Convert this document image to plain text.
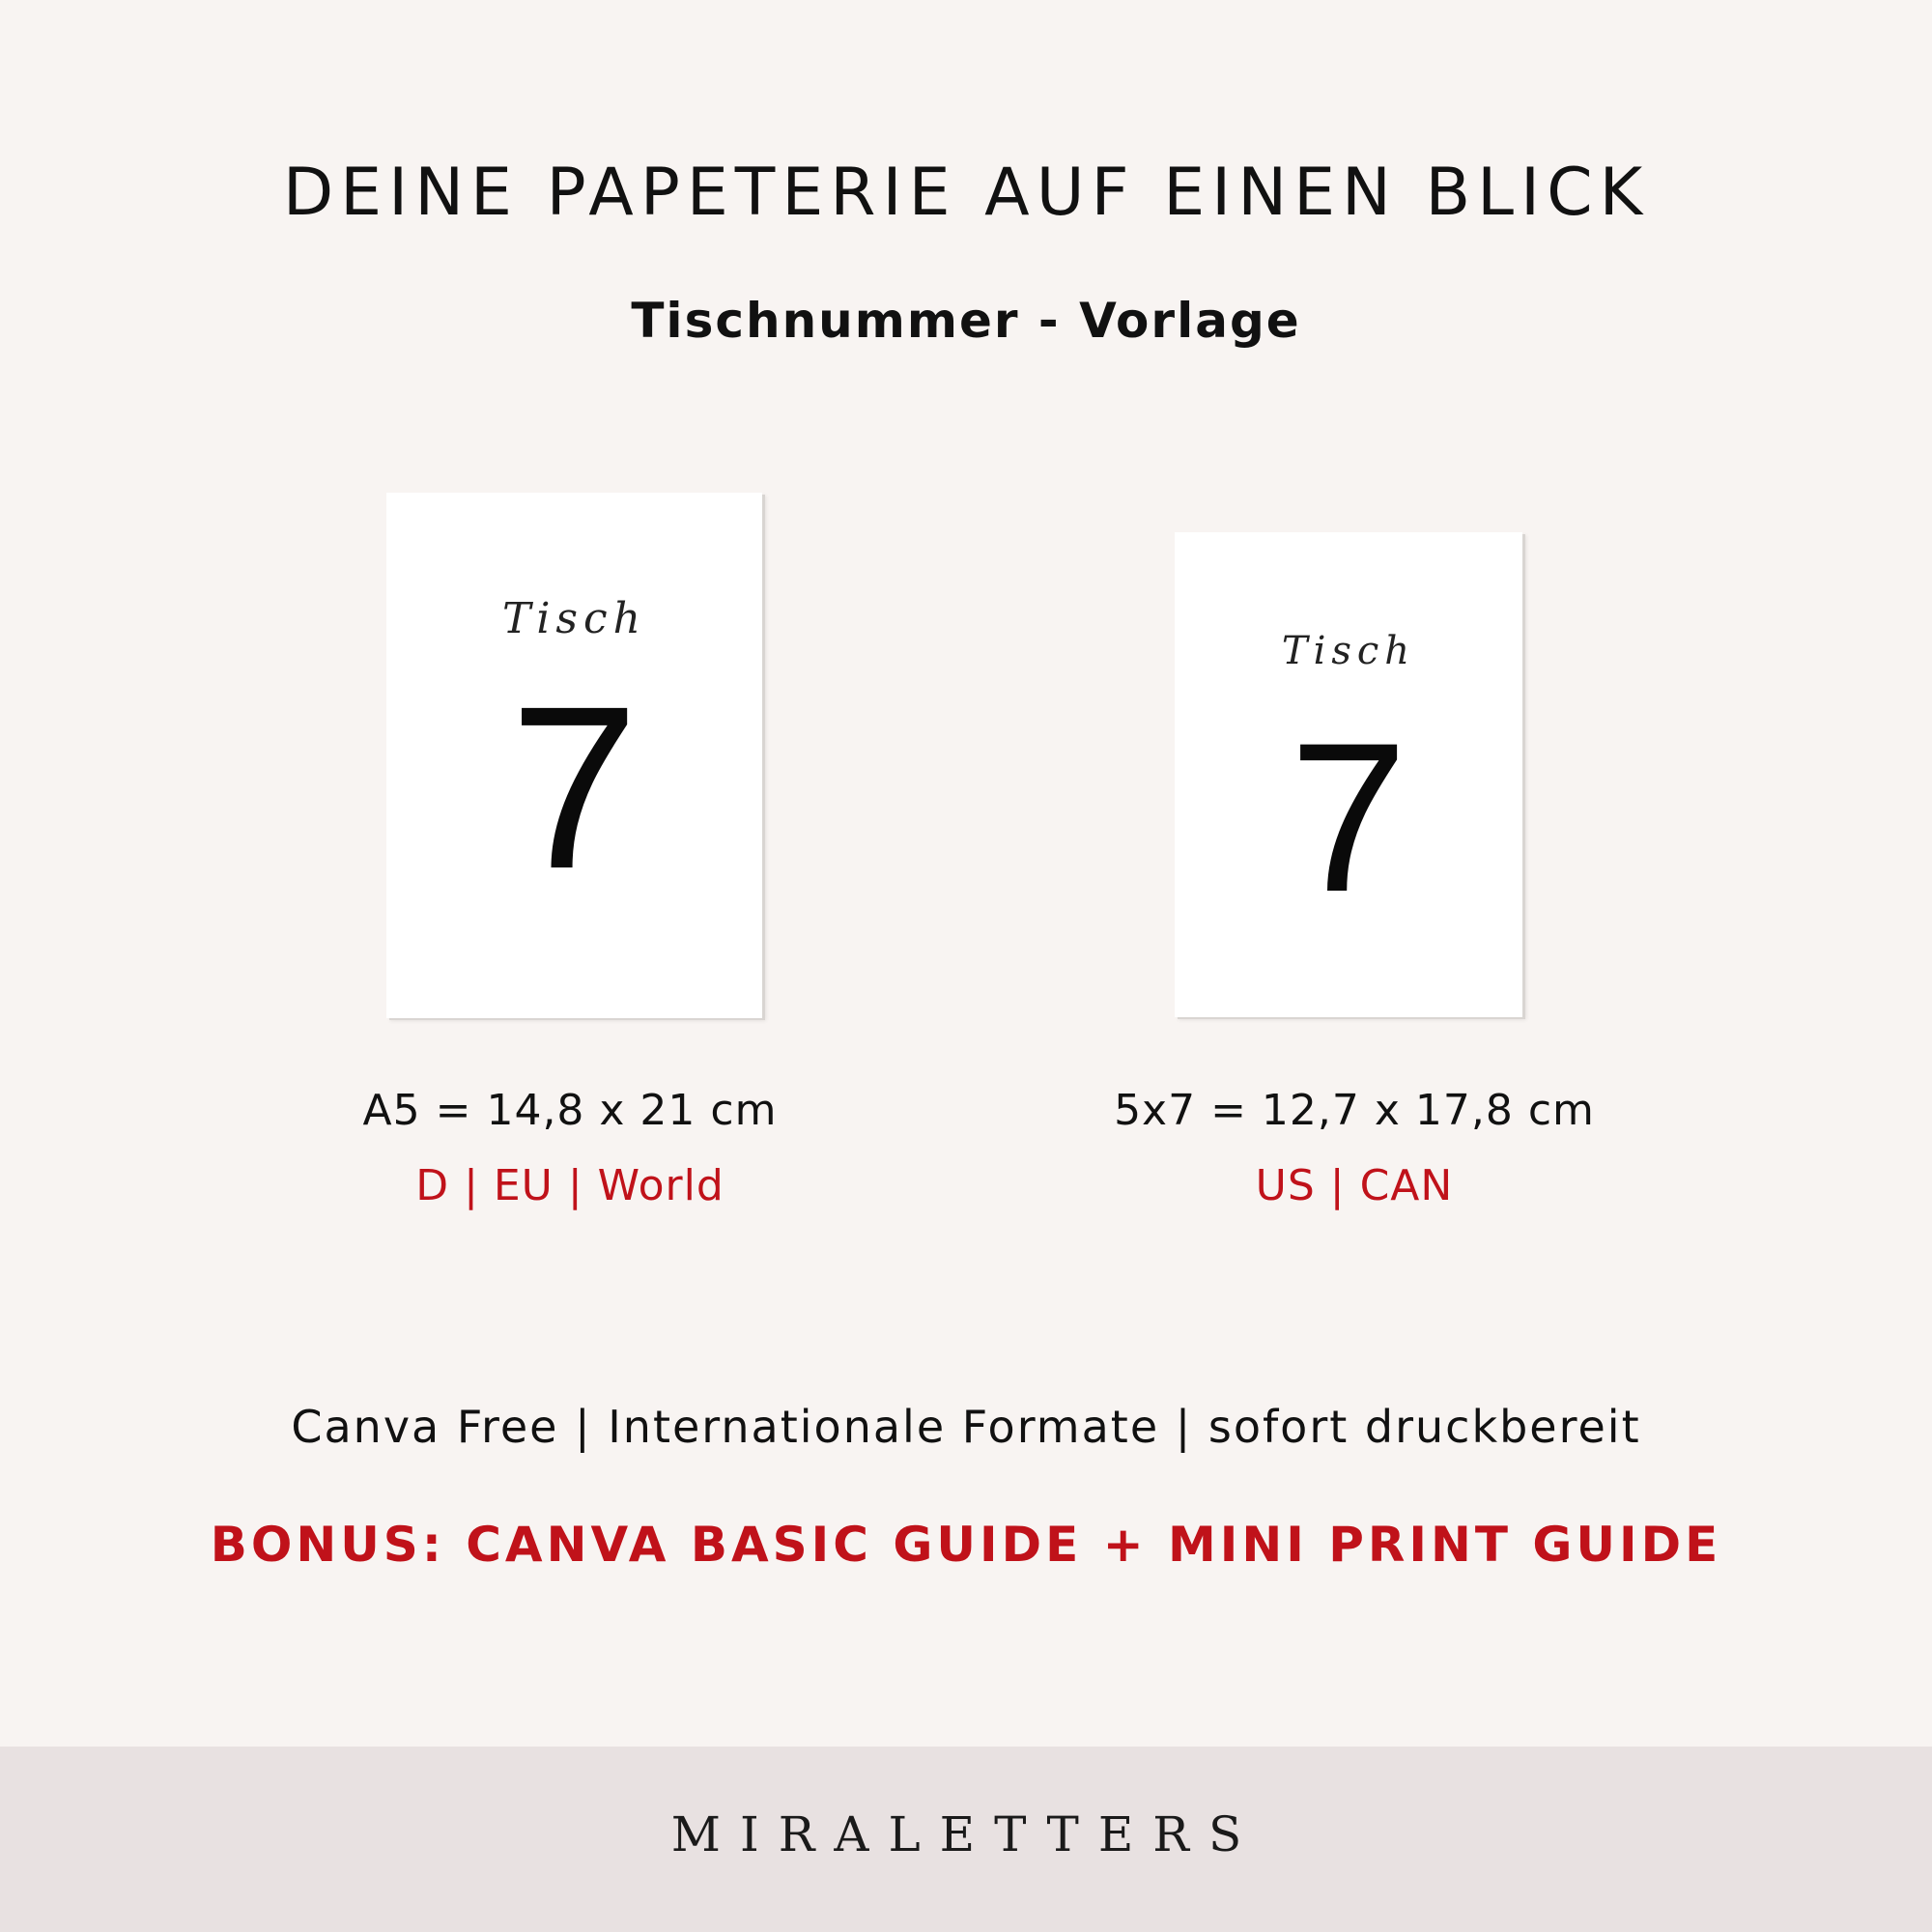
DEINE PAPETERIE AUF EINEN BLICK
Tischnummer - Vorlage
Tisch
7
Tisch
7
A5 = 14,8 x 21 cm
D | EU | World
5x7 = 12,7 x 17,8 cm
US | CAN
Canva Free | Internationale Formate | sofort druckbereit
BONUS: CANVA BASIC GUIDE + MINI PRINT GUIDE
MIRALETTERS
